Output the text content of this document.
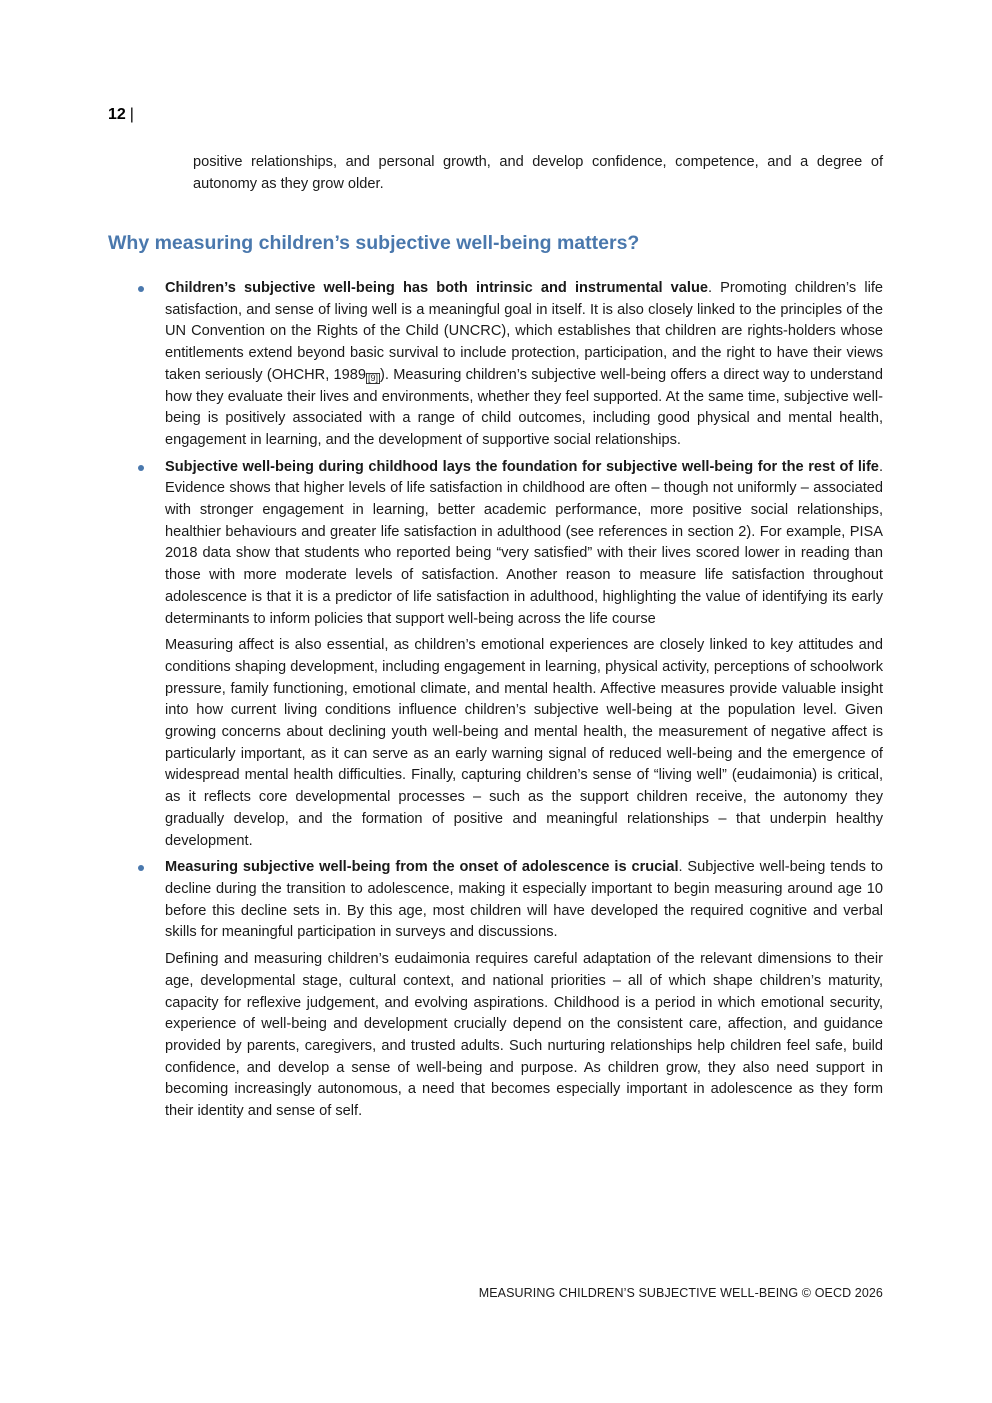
12 |

positive relationships, and personal growth, and develop confidence, competence, and a degree of autonomy as they grow older.

Why measuring children’s subjective well-being matters?

Children’s subjective well-being has both intrinsic and instrumental value. Promoting children’s life satisfaction, and sense of living well is a meaningful goal in itself. It is also closely linked to the principles of the UN Convention on the Rights of the Child (UNCRC), which establishes that children are rights-holders whose entitlements extend beyond basic survival to include protection, participation, and the right to have their views taken seriously (OHCHR, 1989 [9] ). Measuring children’s subjective well-being offers a direct way to understand how they evaluate their lives and environments, whether they feel supported. At the same time, subjective well-being is positively associated with a range of child outcomes, including good physical and mental health, engagement in learning, and the development of supportive social relationships.

Subjective well-being during childhood lays the foundation for subjective well-being for the rest of life. Evidence shows that higher levels of life satisfaction in childhood are often – though not uniformly – associated with stronger engagement in learning, better academic performance, more positive social relationships, healthier behaviours and greater life satisfaction in adulthood (see references in section 2). For example, PISA 2018 data show that students who reported being “very satisfied” with their lives scored lower in reading than those with more moderate levels of satisfaction. Another reason to measure life satisfaction throughout adolescence is that it is a predictor of life satisfaction in adulthood, highlighting the value of identifying its early determinants to inform policies that support well-being across the life course

Measuring affect is also essential, as children’s emotional experiences are closely linked to key attitudes and conditions shaping development, including engagement in learning, physical activity, perceptions of schoolwork pressure, family functioning, emotional climate, and mental health. Affective measures provide valuable insight into how current living conditions influence children’s subjective well-being at the population level. Given growing concerns about declining youth well-being and mental health, the measurement of negative affect is particularly important, as it can serve as an early warning signal of reduced well-being and the emergence of widespread mental health difficulties. Finally, capturing children’s sense of “living well” (eudaimonia) is critical, as it reflects core developmental processes – such as the support children receive, the autonomy they gradually develop, and the formation of positive and meaningful relationships – that underpin healthy development.

Measuring subjective well-being from the onset of adolescence is crucial. Subjective well-being tends to decline during the transition to adolescence, making it especially important to begin measuring around age 10 before this decline sets in. By this age, most children will have developed the required cognitive and verbal skills for meaningful participation in surveys and discussions.

Defining and measuring children’s eudaimonia requires careful adaptation of the relevant dimensions to their age, developmental stage, cultural context, and national priorities – all of which shape children’s maturity, capacity for reflexive judgement, and evolving aspirations. Childhood is a period in which emotional security, experience of well-being and development crucially depend on the consistent care, affection, and guidance provided by parents, caregivers, and trusted adults. Such nurturing relationships help children feel safe, build confidence, and develop a sense of well-being and purpose. As children grow, they also need support in becoming increasingly autonomous, a need that becomes especially important in adolescence as they form their identity and sense of self.

MEASURING CHILDREN’S SUBJECTIVE WELL-BEING © OECD 2026
